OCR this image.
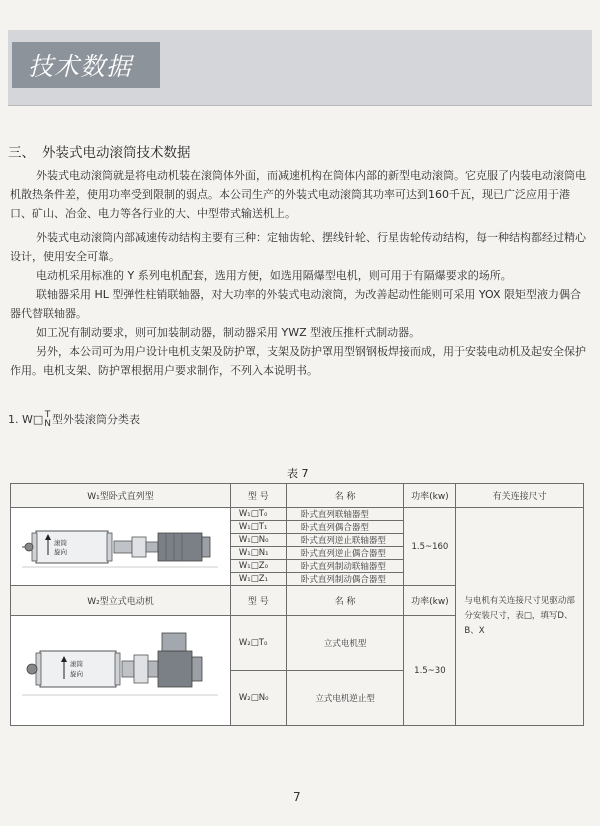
技术数据
三、 外装式电动滚筒技术数据

外装式电动滚筒就是将电动机装在滚筒体外面，而减速机构在筒体内部的新型电动滚筒。它克服了内装电动滚筒电机散热条件差，使用功率受到限制的弱点。本公司生产的外装式电动滚筒其功率可达到160千瓦，现已广泛应用于港口、矿山、冶金、电力等各行业的大、中型带式输送机上。

外装式电动滚筒内部减速传动结构主要有三种：定轴齿轮、摆线针轮、行星齿轮传动结构，每一种结构都经过精心设计，使用安全可靠。

电动机采用标准的 Y 系列电机配套，选用方便，如选用隔爆型电机，则可用于有隔爆要求的场所。

联轴器采用 HL 型弹性柱销联轴器，对大功率的外装式电动滚筒，为改善起动性能则可采用 YOX 限矩型液力偶合器代替联轴器。

如工况有制动要求，则可加装制动器，制动器采用 YWZ 型液压推杆式制动器。

另外，本公司可为用户设计电机支架及防护罩，支架及防护罩用型钢钢板焊接而成，用于安装电动机及起安全保护作用。电机支架、防护罩根据用户要求制作，不列入本说明书。

1. W□ T
N型外装滚筒分类表
表 7
W₁型卧式直列型	型 号	名 称	功率(kw)	有关连接尺寸

滚筒
旋向	W₁□T₀	卧式直列联轴器型	1.5~160	与电机有关连接尺寸见驱动部分安装尺寸，表□，填写D、B、X
	W₁□T₁	卧式直列偶合器型		
	W₁□N₀	卧式直列逆止联轴器型		
	W₁□N₁	卧式直列逆止偶合器型		
	W₁□Z₀	卧式直列制动联轴器型		
	W₁□Z₁	卧式直列制动偶合器型		
W₂型立式电动机	型 号	名 称	功率(kw)	

滚筒
旋向	W₂□T₀	立式电机型	1.5~30	
	W₂□N₀	立式电机逆止型		
7
